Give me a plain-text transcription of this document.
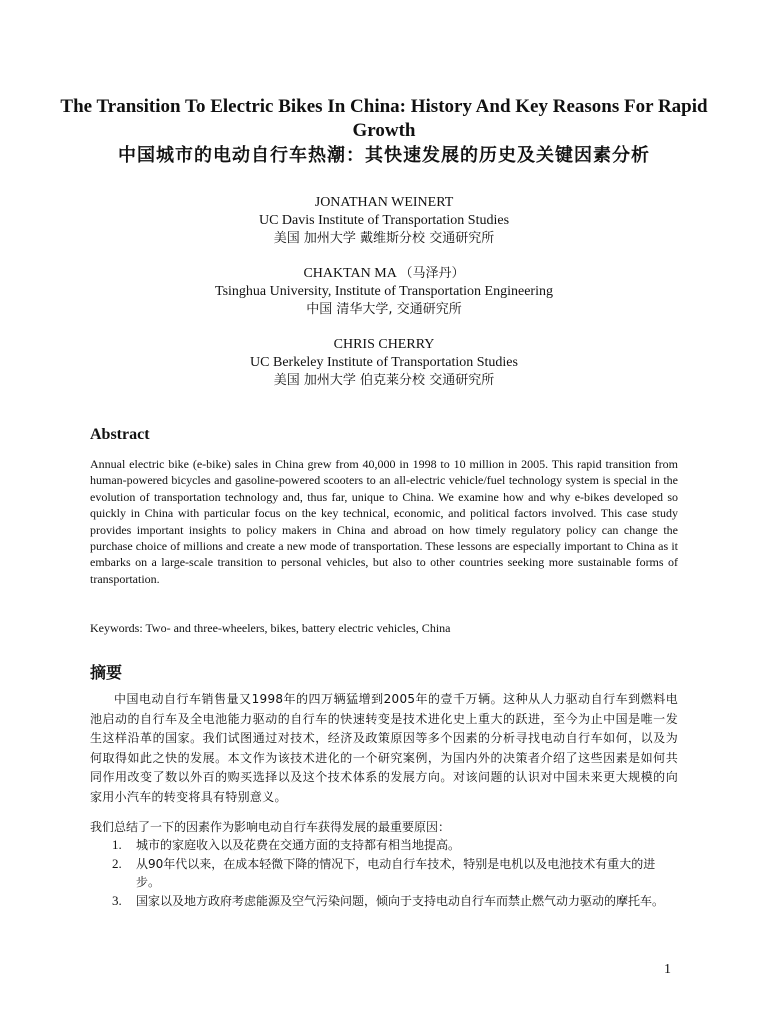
The Transition To Electric Bikes In China: History And Key Reasons For Rapid Growth

中国城市的电动自行车热潮：其快速发展的历史及关键因素分析

JONATHAN WEINERT
UC Davis Institute of Transportation Studies
美国 加州大学 戴维斯分校 交通研究所
CHAKTAN MA （马泽丹）
Tsinghua University, Institute of Transportation Engineering
中国 清华大学, 交通研究所
CHRIS CHERRY
UC Berkeley Institute of Transportation Studies
美国 加州大学 伯克莱分校 交通研究所
Abstract

Annual electric bike (e-bike) sales in China grew from 40,000 in 1998 to 10 million in 2005. This rapid transition from human-powered bicycles and gasoline-powered scooters to an all-electric vehicle/fuel technology system is special in the evolution of transportation technology and, thus far, unique to China. We examine how and why e-bikes developed so quickly in China with particular focus on the key technical, economic, and political factors involved. This case study provides important insights to policy makers in China and abroad on how timely regulatory policy can change the purchase choice of millions and create a new mode of transportation. These lessons are especially important to China as it embarks on a large-scale transition to personal vehicles, but also to other countries seeking more sustainable forms of transportation.

Keywords: Two- and three-wheelers, bikes, battery electric vehicles, China

摘要

中国电动自行车销售量又1998年的四万辆猛增到2005年的壹千万辆。这种从人力驱动自行车到燃料电池启动的自行车及全电池能力驱动的自行车的快速转变是技术进化史上重大的跃进，至今为止中国是唯一发生这样沿革的国家。我们试图通过对技术，经济及政策原因等多个因素的分析寻找电动自行车如何，以及为何取得如此之快的发展。本文作为该技术进化的一个研究案例，为国内外的决策者介绍了这些因素是如何共同作用改变了数以外百的购买选择以及这个技术体系的发展方向。对该问题的认识对中国未来更大规模的向家用小汽车的转变将具有特别意义。

我们总结了一下的因素作为影响电动自行车获得发展的最重要原因：

1. 城市的家庭收入以及花费在交通方面的支持都有相当地提高。
2. 从90年代以来，在成本轻微下降的情况下，电动自行车技术，特别是电机以及电池技术有重大的进步。
3. 国家以及地方政府考虑能源及空气污染问题，倾向于支持电动自行车而禁止燃气动力驱动的摩托车。
1
